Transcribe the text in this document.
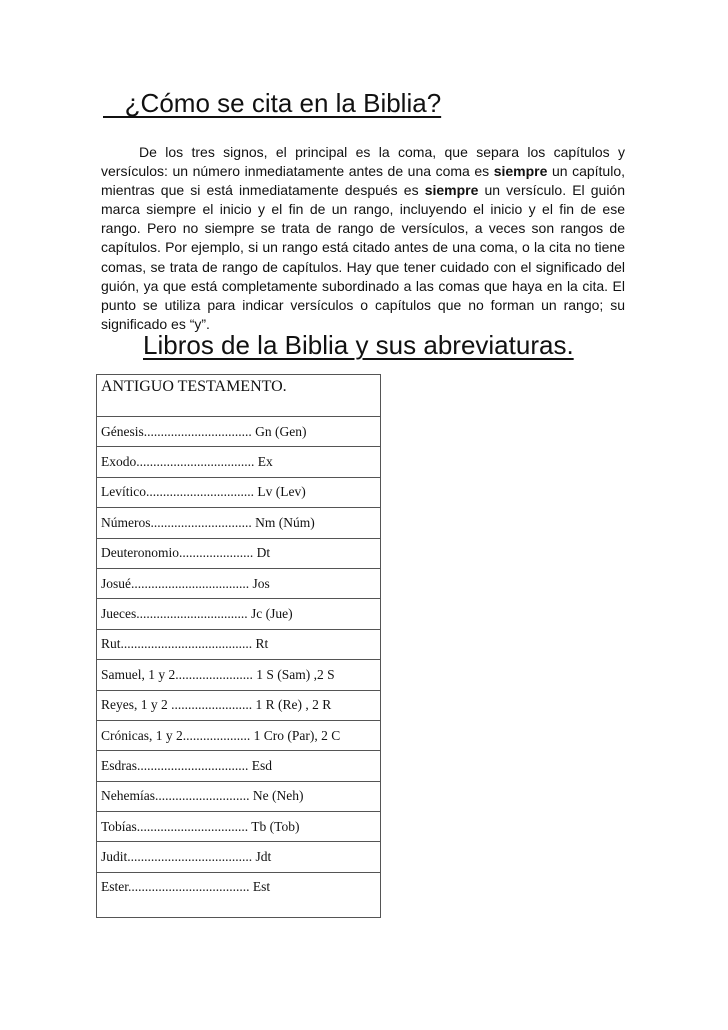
¿Cómo se cita en la Biblia?

De los tres signos, el principal es la coma, que separa los capítulos y versículos: un número inmediatamente antes de una coma es siempre un capítulo, mientras que si está inmediatamente después es siempre un versículo. El guión marca siempre el inicio y el fin de un rango, incluyendo el inicio y el fin de ese rango. Pero no siempre se trata de rango de versículos, a veces son rangos de capítulos. Por ejemplo, si un rango está citado antes de una coma, o la cita no tiene comas, se trata de rango de capítulos. Hay que tener cuidado con el significado del guión, ya que está completamente subordinado a las comas que haya en la cita. El punto se utiliza para indicar versículos o capítulos que no forman un rango; su significado es “y”.

Libros de la Biblia y sus abreviaturas.
ANTIGUO TESTAMENTO.
Génesis................................ Gn (Gen)
Exodo................................... Ex
Levítico................................ Lv (Lev)
Números.............................. Nm (Núm)
Deuteronomio...................... Dt
Josué................................... Jos
Jueces................................. Jc (Jue)
Rut....................................... Rt
Samuel, 1 y 2....................... 1 S (Sam) ,2 S
Reyes, 1 y 2 ........................ 1 R (Re) , 2 R
Crónicas, 1 y 2.................... 1 Cro (Par), 2 C
Esdras................................. Esd
Nehemías............................ Ne (Neh)
Tobías................................. Tb (Tob)
Judit..................................... Jdt
Ester.................................... Est
